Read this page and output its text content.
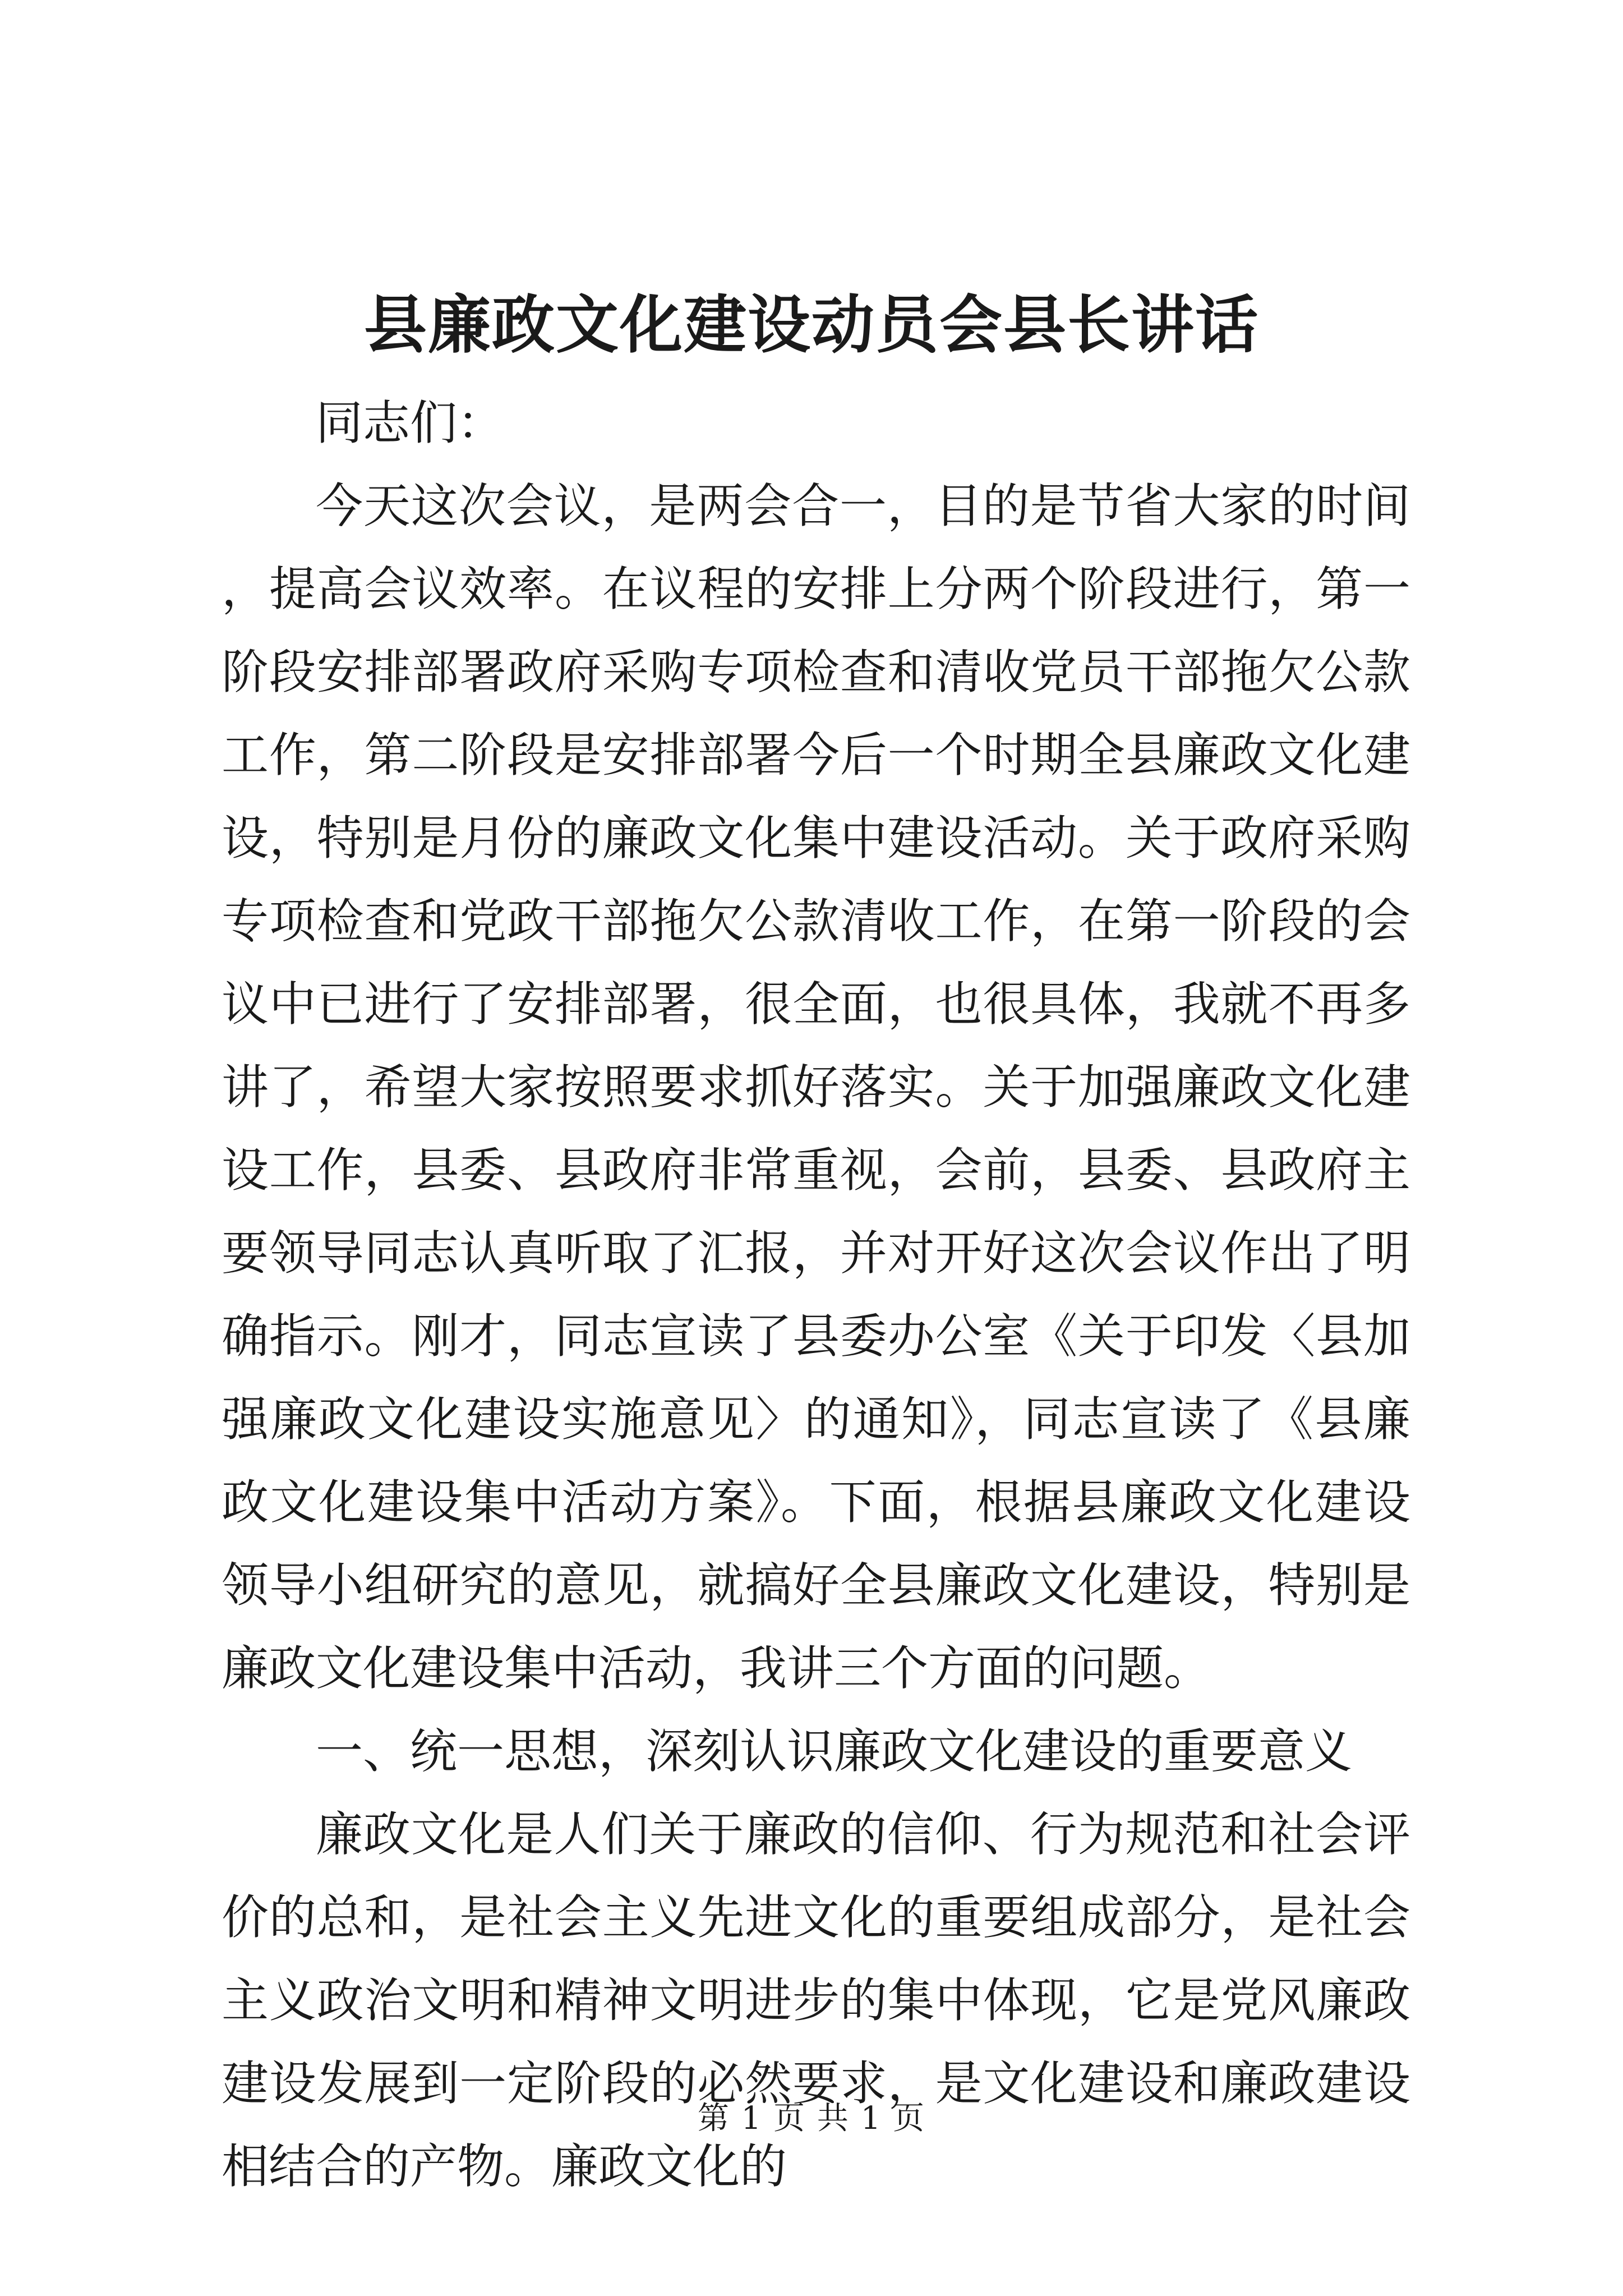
县廉政文化建设动员会县长讲话

同志们：

今天这次会议，是两会合一，目的是节省大家的时间，提高会议效率。在议程的安排上分两个阶段进行，第一阶段安排部署政府采购专项检查和清收党员干部拖欠公款工作，第二阶段是安排部署今后一个时期全县廉政文化建设，特别是月份的廉政文化集中建设活动。关于政府采购专项检查和党政干部拖欠公款清收工作，在第一阶段的会议中已进行了安排部署，很全面，也很具体，我就不再多讲了，希望大家按照要求抓好落实。关于加强廉政文化建设工作，县委、县政府非常重视，会前，县委、县政府主要领导同志认真听取了汇报，并对开好这次会议作出了明确指示。刚才，同志宣读了县委办公室《关于印发〈县加强廉政文化建设实施意见〉的通知》，同志宣读了《县廉政文化建设集中活动方案》。下面，根据县廉政文化建设领导小组研究的意见，就搞好全县廉政文化建设，特别是廉政文化建设集中活动，我讲三个方面的问题。

一、统一思想，深刻认识廉政文化建设的重要意义

廉政文化是人们关于廉政的信仰、行为规范和社会评价的总和，是社会主义先进文化的重要组成部分，是社会主义政治文明和精神文明进步的集中体现，它是党风廉政建设发展到一定阶段的必然要求，是文化建设和廉政建设相结合的产物。廉政文化的

第 1 页 共 1 页
